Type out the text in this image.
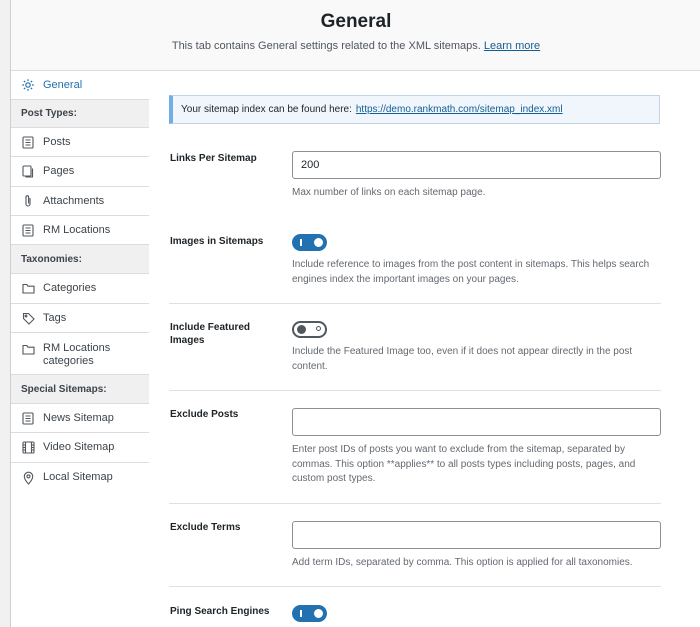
General

This tab contains General settings related to the XML sitemaps. Learn more

General
Post Types:
Posts
Pages
Attachments
RM Locations
Taxonomies:
Categories
Tags
RM Locations categories
Special Sitemaps:
News Sitemap
Video Sitemap
Local Sitemap
Your sitemap index can be found here: https://demo.rankmath.com/sitemap_index.xml
Links Per Sitemap
200
Max number of links on each sitemap page.
Images in Sitemaps
Include reference to images from the post content in sitemaps. This helps search engines index the important images on your pages.
Include Featured Images
Include the Featured Image too, even if it does not appear directly in the post content.
Exclude Posts
Enter post IDs of posts you want to exclude from the sitemap, separated by commas. This option **applies** to all posts types including posts, pages, and custom post types.
Exclude Terms
Add term IDs, separated by comma. This option is applied for all taxonomies.
Ping Search Engines
